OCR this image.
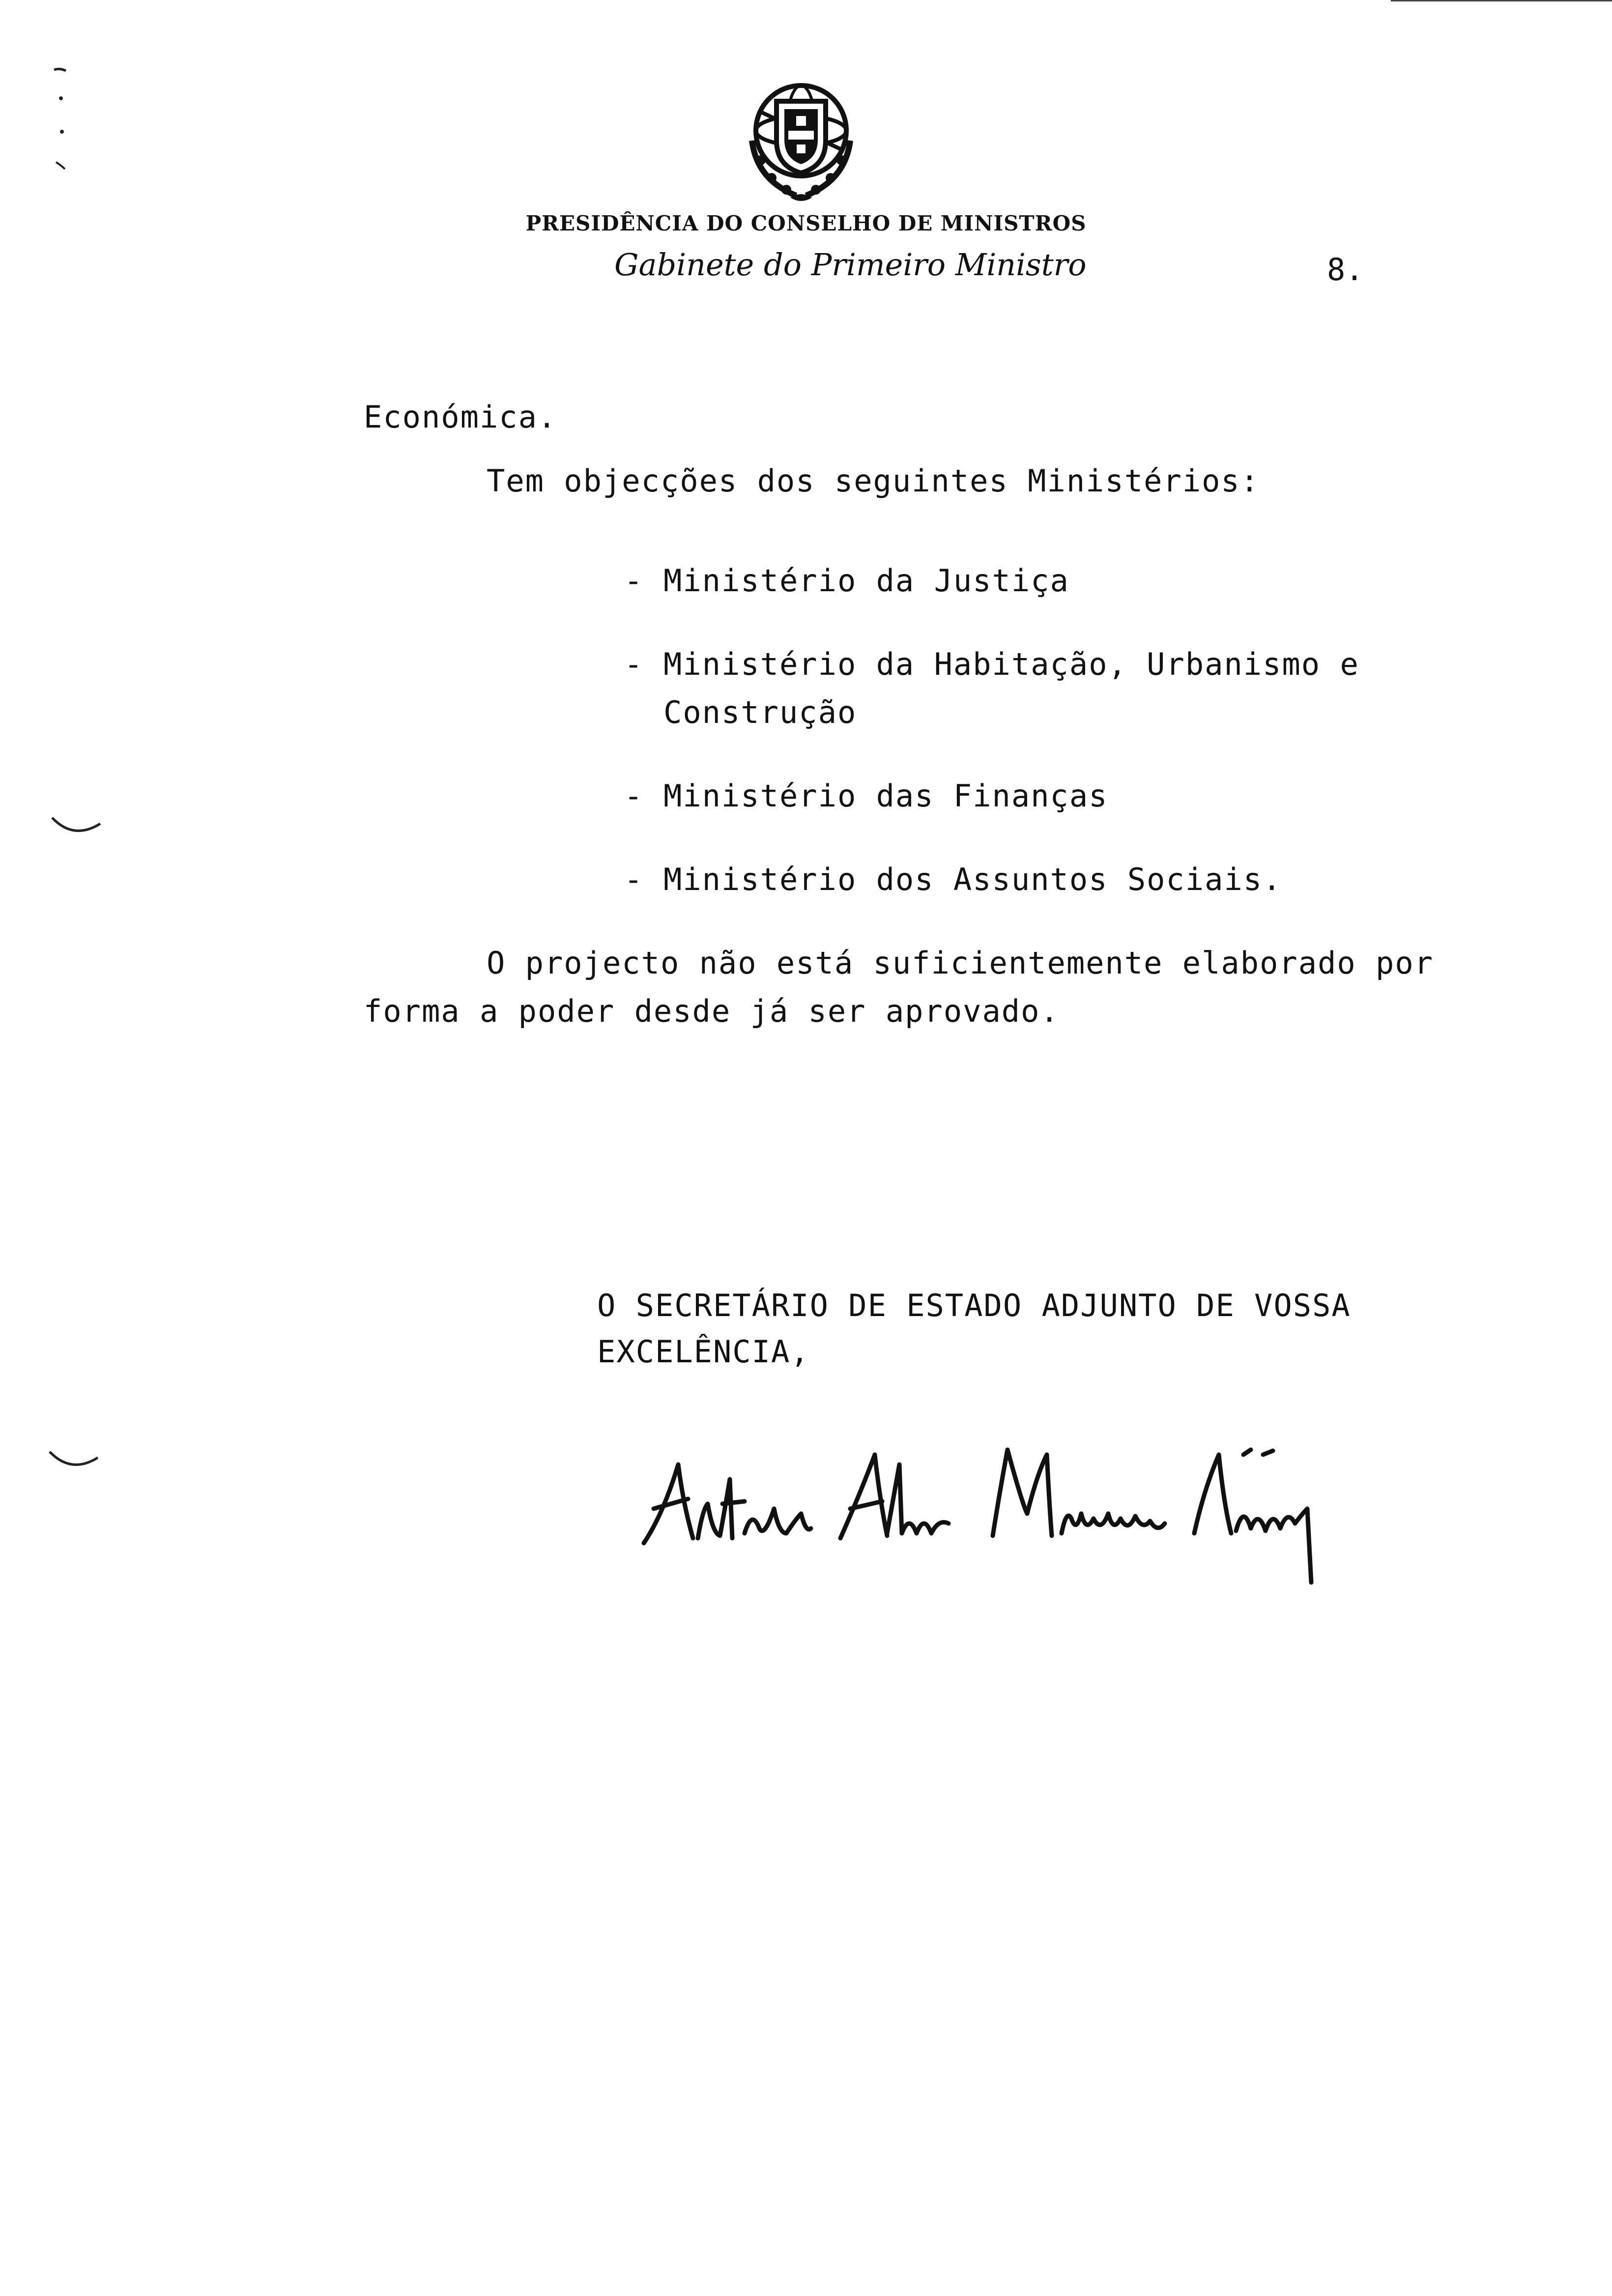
PRESIDÊNCIA DO CONSELHO DE MINISTROS
Gabinete do Primeiro Ministro	8.

Económica.

Tem objecções dos seguintes Ministérios:

- Ministério da Justiça
- Ministério da Habitação, Urbanismo e Construção
- Ministério das Finanças
- Ministério dos Assuntos Sociais.

O projecto não está suficientemente elaborado por forma a poder desde já ser aprovado.

O SECRETÁRIO DE ESTADO ADJUNTO DE VOSSA
EXCELÊNCIA,
